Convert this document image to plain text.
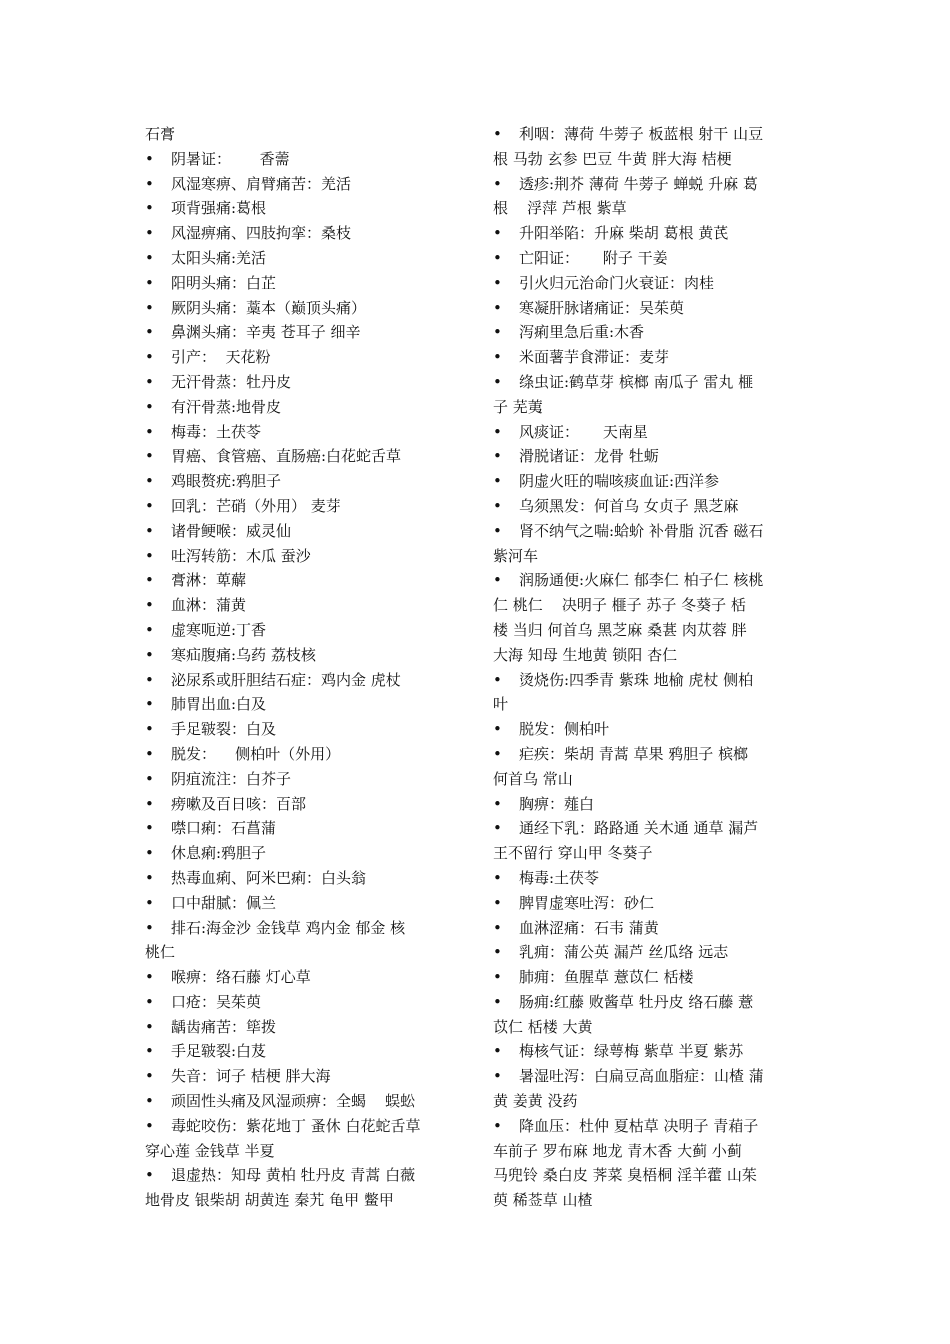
石膏
• 阴暑证：      香薷
• 风湿寒痹、肩臂痛苦：羌活
• 项背强痛:葛根
• 风湿痹痛、四肢拘挛：桑枝
• 太阳头痛:羌活
• 阳明头痛：白芷
• 厥阴头痛：藁本（巅顶头痛）
• 鼻渊头痛：辛夷 苍耳子 细辛
• 引产：  天花粉
• 无汗骨蒸：牡丹皮
• 有汗骨蒸:地骨皮
• 梅毒：土茯苓
• 胃癌、食管癌、直肠癌:白花蛇舌草
• 鸡眼赘疣:鸦胆子
• 回乳：芒硝（外用） 麦芽
• 诸骨鲠喉：威灵仙
• 吐泻转筋：木瓜 蚕沙
• 膏淋：萆薢
• 血淋：蒲黄
• 虚寒呃逆:丁香
• 寒疝腹痛:乌药 荔枝核
• 泌尿系或肝胆结石症：鸡内金 虎杖
• 肺胃出血:白及
• 手足皲裂：白及
• 脱发：    侧柏叶（外用）
• 阴疽流注：白芥子
• 痨嗽及百日咳：百部
• 噤口痢：石菖蒲
• 休息痢:鸦胆子
• 热毒血痢、阿米巴痢：白头翁
• 口中甜腻：佩兰
• 排石:海金沙 金钱草 鸡内金 郁金 核
桃仁
• 喉痹：络石藤 灯心草
• 口疮：吴茱萸
• 龋齿痛苦：筚拨
• 手足皲裂:白芨
• 失音：诃子 桔梗 胖大海
• 顽固性头痛及风湿顽痹：全蝎    蜈蚣
• 毒蛇咬伤：紫花地丁 蚤休 白花蛇舌草
穿心莲 金钱草 半夏
• 退虚热：知母 黄柏 牡丹皮 青蒿 白薇
地骨皮 银柴胡 胡黄连 秦艽 龟甲 鳖甲
• 利咽：薄荷 牛蒡子 板蓝根 射干 山豆
根 马勃 玄参 巴豆 牛黄 胖大海 桔梗
• 透疹:荆芥 薄荷 牛蒡子 蝉蜕 升麻 葛
根    浮萍 芦根 紫草
• 升阳举陷：升麻 柴胡 葛根 黄芪
• 亡阳证：     附子 干姜
• 引火归元治命门火衰证：肉桂
• 寒凝肝脉诸痛证：吴茱萸
• 泻痢里急后重:木香
• 米面薯芋食滞证：麦芽
• 绦虫证:鹤草芽 槟榔 南瓜子 雷丸 榧
子 芜荑
• 风痰证：     天南星
• 滑脱诸证：龙骨 牡蛎
• 阴虚火旺的喘咳痰血证:西洋参
• 乌须黑发：何首乌 女贞子 黑芝麻
• 肾不纳气之喘:蛤蚧 补骨脂 沉香 磁石
紫河车
• 润肠通便:火麻仁 郁李仁 柏子仁 核桃
仁 桃仁    决明子 榧子 苏子 冬葵子 栝
楼 当归 何首乌 黑芝麻 桑葚 肉苁蓉 胖
大海 知母 生地黄 锁阳 杏仁
• 烫烧伤:四季青 紫珠 地榆 虎杖 侧柏
叶
• 脱发：侧柏叶
• 疟疾：柴胡 青蒿 草果 鸦胆子 槟榔
何首乌 常山
• 胸痹：薤白
• 通经下乳：路路通 关木通 通草 漏芦
王不留行 穿山甲 冬葵子
• 梅毒:土茯苓
• 脾胃虚寒吐泻：砂仁
• 血淋涩痛：石韦 蒲黄
• 乳痈：蒲公英 漏芦 丝瓜络 远志
• 肺痈：鱼腥草 薏苡仁 栝楼
• 肠痈:红藤 败酱草 牡丹皮 络石藤 薏
苡仁 栝楼 大黄
• 梅核气证：绿萼梅 紫草 半夏 紫苏
• 暑湿吐泻：白扁豆高血脂症：山楂 蒲
黄 姜黄 没药
• 降血压：杜仲 夏枯草 决明子 青葙子
车前子 罗布麻 地龙 青木香 大蓟 小蓟
马兜铃 桑白皮 荠菜 臭梧桐 淫羊藿 山茱
萸 稀莶草 山楂
